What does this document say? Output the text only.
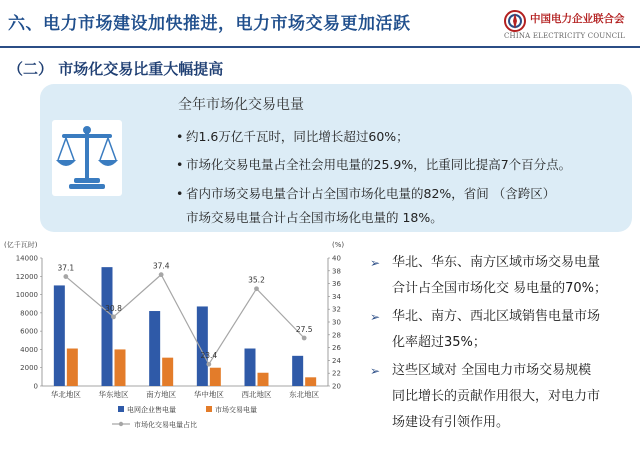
六、电力市场建设加快推进，电力市场交易更加活跃	中国电力企业联合会
CHINA ELECTRICITY COUNCIL
（二） 市场化交易比重大幅提高
全年市场化交易电量
• 约1.6万亿千瓦时，同比增长超过60%；
• 市场化交易电量占全社会用电量的25.9%，比重同比提高7个百分点。
• 省内市场交易电量合计占全国市场化电量的82%，省间 （含跨区）
市场交易电量合计占全国市场化电量的 18%。
(亿千瓦时)	(%)
0
2000
4000
6000
8000
10000
12000
14000
20
22
24
26
28
30
32
34
36
38
40
华北地区 华东地区 南方地区 华中地区 西北地区 东北地区
37.1
30.8
37.4
23.4
35.2
27.5
电网企业售电量	市场交易电量
市场化交易电量占比
➢ 华北、华东、南方区域市场交易电量
合计占全国市场化交 易电量的70%；
➢ 华北、南方、西北区域销售电量市场
化率超过35%；
➢ 这些区域对 全国电力市场交易规模
同比增长的贡献作用很大，对电力市
场建设有引领作用。
